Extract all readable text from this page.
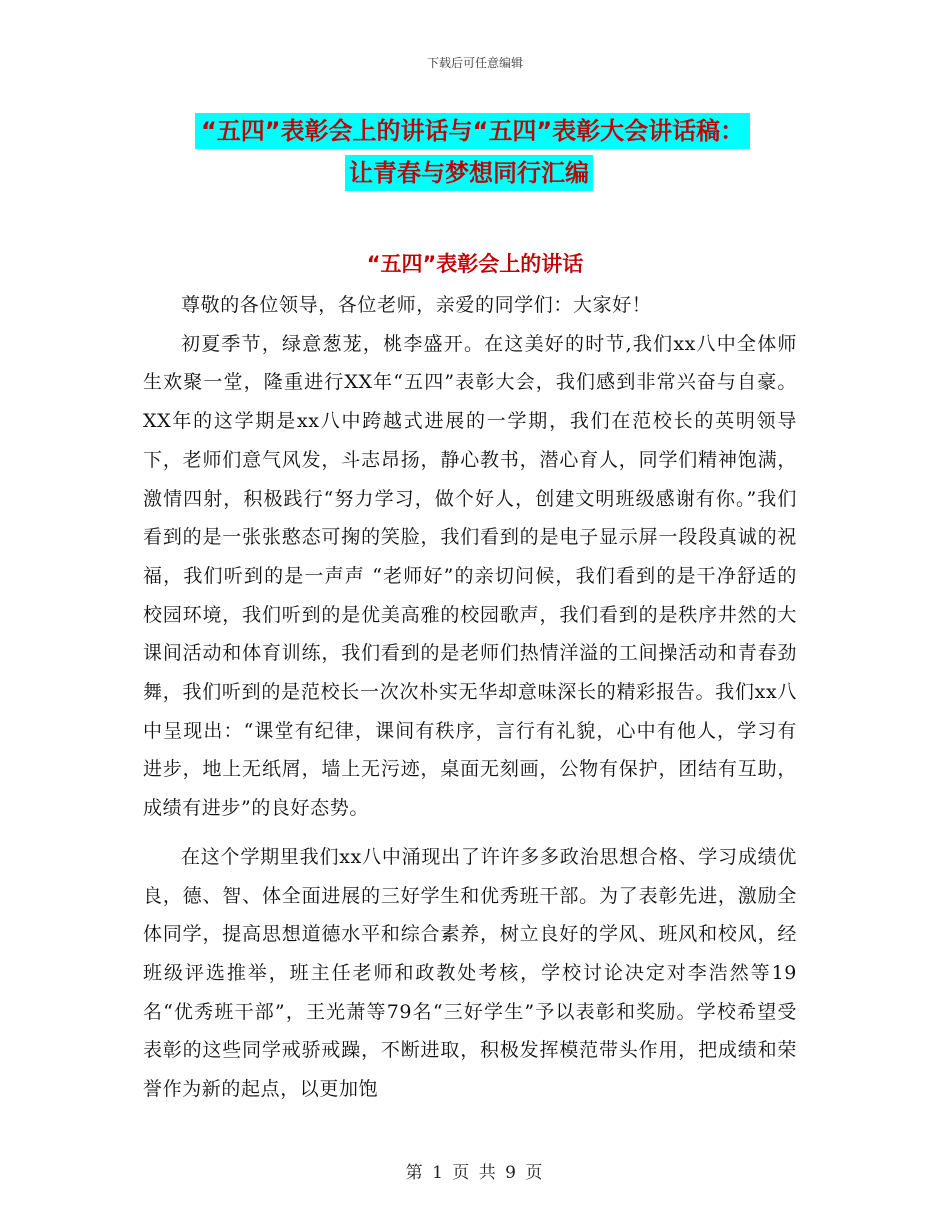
下载后可任意编辑
“五四”表彰会上的讲话与“五四”表彰大会讲话稿：
让青春与梦想同行汇编
“五四”表彰会上的讲话

尊敬的各位领导，各位老师，亲爱的同学们：大家好！

初夏季节，绿意葱茏，桃李盛开。在这美好的时节,我们xx八中全体师生欢聚一堂，隆重进行XX年“五四”表彰大会，我们感到非常兴奋与自豪。XX年的这学期是xx八中跨越式进展的一学期，我们在范校长的英明领导下，老师们意气风发，斗志昂扬，静心教书，潜心育人，同学们精神饱满，激情四射，积极践行“努力学习，做个好人，创建文明班级感谢有你。”我们看到的是一张张憨态可掬的笑脸，我们看到的是电子显示屏一段段真诚的祝福，我们听到的是一声声 “老师好”的亲切问候，我们看到的是干净舒适的校园环境，我们听到的是优美高雅的校园歌声，我们看到的是秩序井然的大课间活动和体育训练，我们看到的是老师们热情洋溢的工间操活动和青春劲舞，我们听到的是范校长一次次朴实无华却意味深长的精彩报告。我们xx八中呈现出：“课堂有纪律，课间有秩序，言行有礼貌，心中有他人，学习有进步，地上无纸屑，墙上无污迹，桌面无刻画，公物有保护，团结有互助，成绩有进步”的良好态势。

在这个学期里我们xx八中涌现出了许许多多政治思想合格、学习成绩优良，德、智、体全面进展的三好学生和优秀班干部。为了表彰先进，激励全体同学，提高思想道德水平和综合素养，树立良好的学风、班风和校风，经班级评选推举，班主任老师和政教处考核，学校讨论决定对李浩然等19名“优秀班干部”，王光萧等79名“三好学生”予以表彰和奖励。学校希望受表彰的这些同学戒骄戒躁，不断进取，积极发挥模范带头作用，把成绩和荣誉作为新的起点，以更加饱

第 1 页 共 9 页
